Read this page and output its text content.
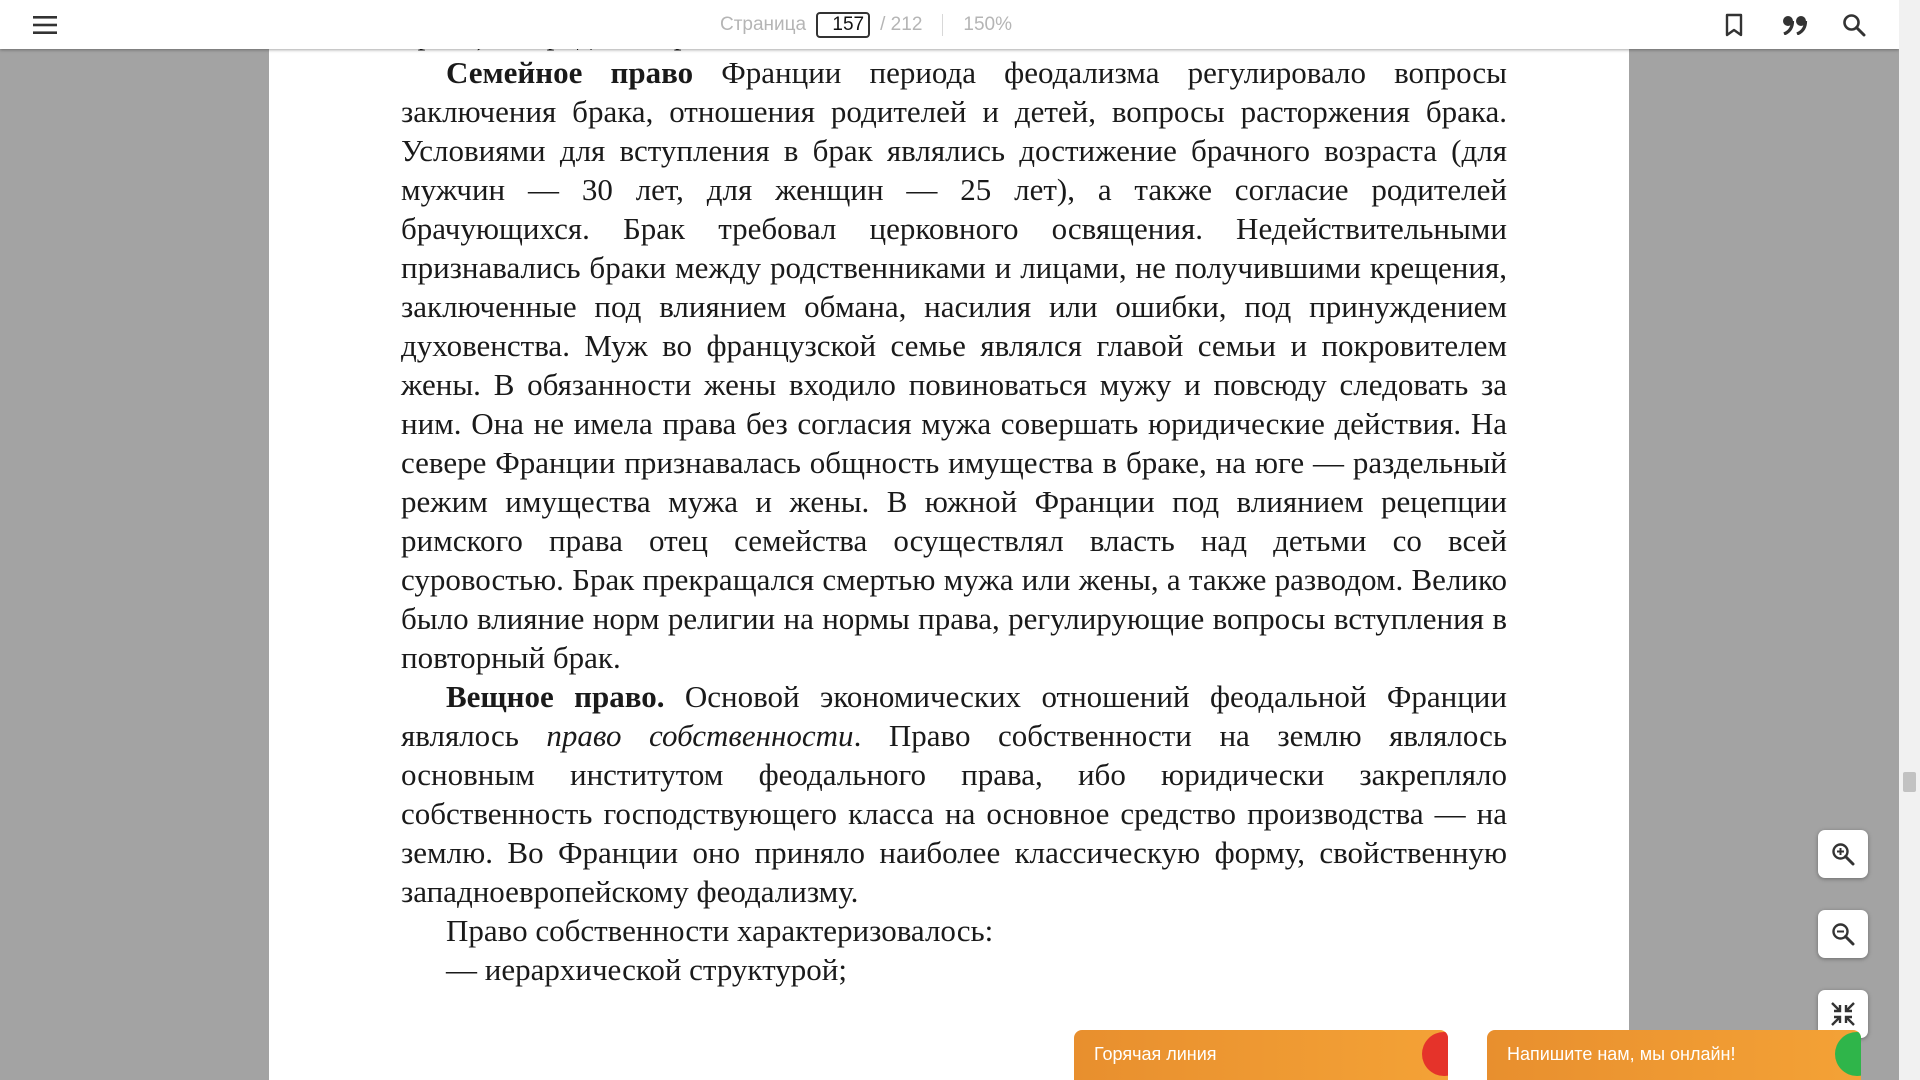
Страница
157	/ 212 150%

Семейное право Франции периода феодализма регулировало вопросы заключения брака, отношения родителей и детей, вопросы расторжения брака. Условиями для вступления в брак являлись достижение брачного возраста (для мужчин — 30 лет, для женщин — 25 лет), а также согласие родителей брачующихся. Брак требовал церковного освящения. Недействительными признавались браки между родственниками и лицами, не получившими крещения, заключенные под влиянием обмана, насилия или ошибки, под принуждением духовенства. Муж во французской семье являлся главой семьи и покровителем жены. В обязанности жены входило повиноваться мужу и повсюду следовать за ним. Она не имела права без согласия мужа совершать юридические действия. На севере Франции признавалась общность имущества в браке, на юге — раздельный режим имущества мужа и жены. В южной Франции под влиянием рецепции римского права отец семейства осуществлял власть над детьми со всей суровостью. Брак прекращался смертью мужа или жены, а также разводом. Велико было влияние норм религии на нормы права, регулирующие вопросы вступления в повторный брак.

Вещное право. Основой экономических отношений феодальной Франции являлось право собственности. Право собственности на землю являлось основным институтом феодального права, ибо юридически закрепляло собственность господствующего класса на основное средство производства — на землю. Во Франции оно приняло наиболее классическую форму, свойственную западноевропейскому феодализму.

Право собственности характеризовалось:

— иерархической структурой;

Горячая линия	Напишите нам, мы онлайн!
